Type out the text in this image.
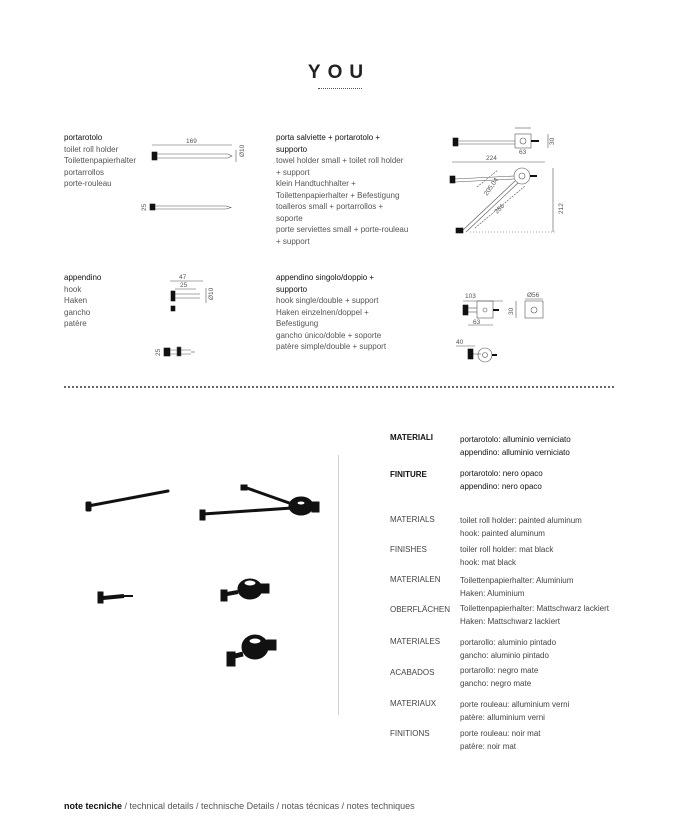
YOU
portarotolo
toilet roll holder
Toilettenpapierhalter
portarrollos
porte-rouleau
porta salviette + portarotolo +
supporto
towel holder small + toilet roll holder
+ support
klein Handtuchhalter +
Toilettenpapierhalter + Befestigung
toalleros small + portarrollos +
soporte
porte serviettes small + porte-rouleau
+ support
appendino
hook
Haken
gancho
patère
appendino singolo/doppio +
supporto
hook single/double + support
Haken einzelnen/doppel +
Befestigung
gancho único/doble + soporte
patère simple/double + support
169
Ø10
25
224
63
30
205,04
286	212
47
25
Ø10
25
103
63
30
Ø56
40
MATERIALI	portarotolo: alluminio verniciato
appendino: alluminio verniciato
FINITURE	portarotolo: nero opaco
appendino: nero opaco
MATERIALS	toilet roll holder: painted aluminum
hook: painted aluminum
FINISHES	toiler roll holder: mat black
hook: mat black
MATERIALEN	Toilettenpapierhalter: Aluminium
Haken: Aluminium
OBERFLÄCHEN	Toilettenpapierhalter: Mattschwarz lackiert
Haken: Mattschwarz lackiert
MATERIALES	portarollo: aluminio pintado
gancho: aluminio pintado
ACABADOS	portarollo: negro mate
gancho: negro mate
MATERIAUX	porte rouleau: alluminium verni
patère: alluminium verni
FINITIONS	porte rouleau: noir mat
patère: noir mat
note tecniche / technical details / technische Details / notas técnicas / notes techniques
